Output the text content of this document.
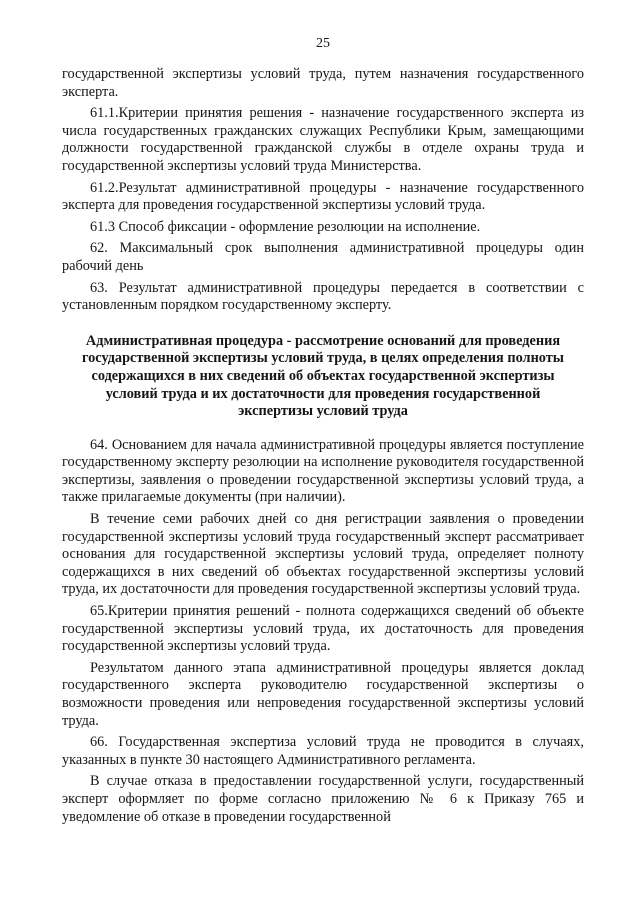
25

государственной экспертизы условий труда, путем назначения государственного эксперта.

61.1.Критерии принятия решения - назначение государственного эксперта из числа государственных гражданских служащих Республики Крым, замещающими должности государственной гражданской службы в отделе охраны труда и государственной экспертизы условий труда Министерства.

61.2.Результат административной процедуры - назначение государственного эксперта для проведения государственной экспертизы условий труда.

61.3 Способ фиксации - оформление резолюции на исполнение.

62. Максимальный срок выполнения административной процедуры один рабочий день

63. Результат административной процедуры передается в соответствии с установленным порядком государственному эксперту.

Административная процедура - рассмотрение оснований для проведения
государственной экспертизы условий труда, в целях определения полноты
содержащихся в них сведений об объектах государственной экспертизы
условий труда и их достаточности для проведения государственной
экспертизы условий труда

64. Основанием для начала административной процедуры является поступление государственному эксперту резолюции на исполнение руководителя государственной экспертизы, заявления о проведении государственной экспертизы условий труда, а также прилагаемые документы (при наличии).

В течение семи рабочих дней со дня регистрации заявления о проведении государственной экспертизы условий труда государственный эксперт рассматривает основания для государственной экспертизы условий труда, определяет полноту содержащихся в них сведений об объектах государственной экспертизы условий труда, их достаточности для проведения государственной экспертизы условий труда.

65.Критерии принятия решений - полнота содержащихся сведений об объекте государственной экспертизы условий труда, их достаточность для проведения государственной экспертизы условий труда.

Результатом данного этапа административной процедуры является доклад государственного эксперта руководителю государственной экспертизы о возможности проведения или непроведения государственной экспертизы условий труда.

66. Государственная экспертиза условий труда не проводится в случаях, указанных в пункте 30 настоящего Административного регламента.

В случае отказа в предоставлении государственной услуги, государственный эксперт оформляет по форме согласно приложению № 6 к Приказу 765 и уведомление об отказе в проведении государственной
